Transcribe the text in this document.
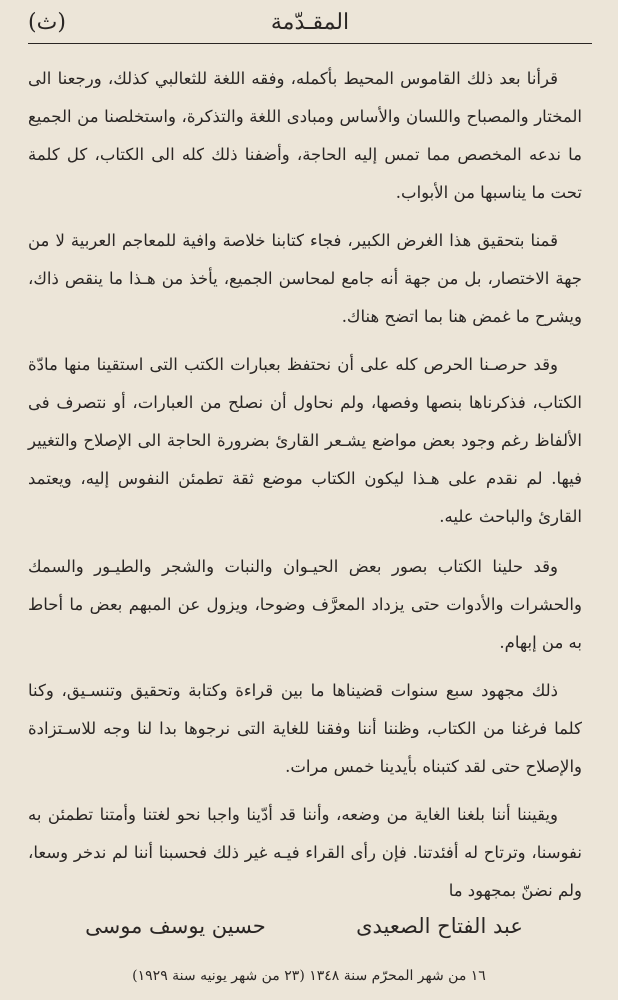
المقـدّمة
(ث)

قرأنا بعد ذلك القاموس المحيط بأكمله، وفقه اللغة للثعالبي كذلك، ورجعنا الى المختار والمصباح واللسان والأساس ومبادى اللغة والتذكرة، واستخلصنا من الجميع ما ندعه المخصص مما تمس إليه الحاجة، وأضفنا ذلك كله الى الكتاب، كل كلمة تحت ما يناسبها من الأبواب.

قمنا بتحقيق هذا الغرض الكبير، فجاء كتابنا خلاصة وافية للمعاجم العربية لا من جهة الاختصار، بل من جهة أنه جامع لمحاسن الجميع، يأخذ من هـذا ما ينقص ذاك، ويشرح ما غمض هنا بما اتضح هناك.

وقد حرصـنا الحرص كله على أن نحتفظ بعبارات الكتب التى استقينا منها مادّة الكتاب، فذكرناها بنصها وفصها، ولم نحاول أن نصلح من العبارات، أو نتصرف فى الألفاظ رغم وجود بعض مواضع يشـعر القارئ بضرورة الحاجة الى الإصلاح والتغيير فيها. لم نقدم على هـذا ليكون الكتاب موضع ثقة تطمئن النفوس إليه، ويعتمد القارئ والباحث عليه.

وقد حلينا الكتاب بصور بعض الحيـوان والنبات والشجر والطيـور والسمك والحشرات والأدوات حتى يزداد المعرَّف وضوحا، ويزول عن المبهم بعض ما أحاط به من إبهام.

ذلك مجهود سبع سنوات قضيناها ما بين قراءة وكتابة وتحقيق وتنسـيق، وكنا كلما فرغنا من الكتاب، وظننا أننا وفقنا للغاية التى نرجوها بدا لنا وجه للاسـتزادة والإصلاح حتى لقد كتبناه بأيدينا خمس مرات.

ويقيننا أننا بلغنا الغاية من وضعه، وأننا قد أدّينا واجبا نحو لغتنا وأمتنا تطمئن به نفوسنا، وترتاح له أفئدتنا. فإن رأى القراء فيـه غير ذلك فحسبنا أننا لم ندخر وسعا، ولم نضنّ بمجهود ما

عبد الفتاح الصعيدى
حسين يوسف موسى
١٦ من شهر المحرّم سنة ١٣٤٨ (٢٣ من شهر يونيه سنة ١٩٢٩)
